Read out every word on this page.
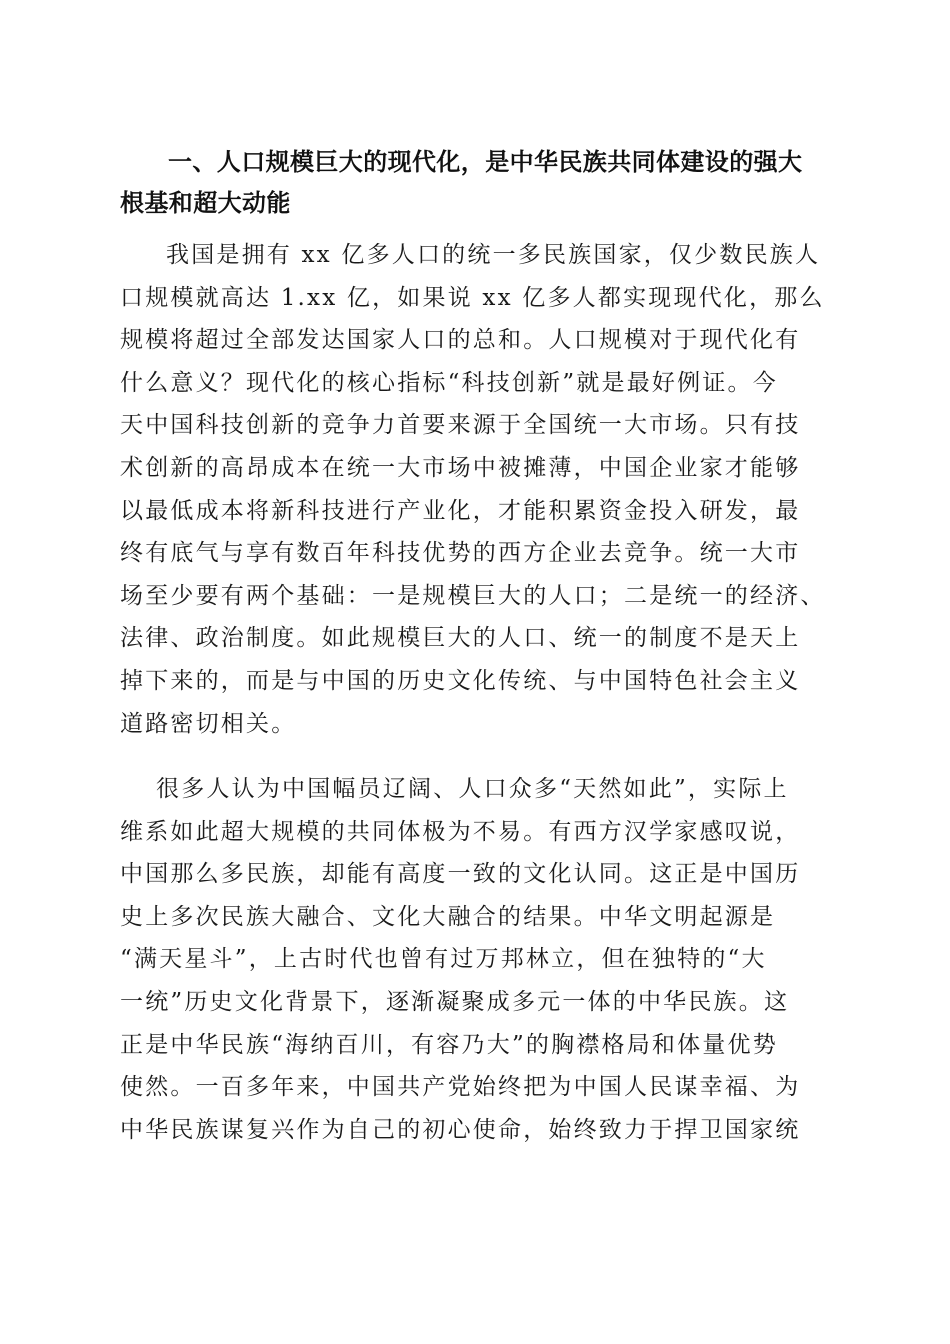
一、人口规模巨大的现代化，是中华民族共同体建设的强大
根基和超大动能

我国是拥有 xx 亿多人口的统一多民族国家，仅少数民族人
口规模就高达 1.xx 亿，如果说 xx 亿多人都实现现代化，那么
规模将超过全部发达国家人口的总和。人口规模对于现代化有
什么意义？现代化的核心指标“科技创新”就是最好例证。今
天中国科技创新的竞争力首要来源于全国统一大市场。只有技
术创新的高昂成本在统一大市场中被摊薄，中国企业家才能够
以最低成本将新科技进行产业化，才能积累资金投入研发，最
终有底气与享有数百年科技优势的西方企业去竞争。统一大市
场至少要有两个基础：一是规模巨大的人口；二是统一的经济、
法律、政治制度。如此规模巨大的人口、统一的制度不是天上
掉下来的，而是与中国的历史文化传统、与中国特色社会主义
道路密切相关。

很多人认为中国幅员辽阔、人口众多“天然如此”，实际上
维系如此超大规模的共同体极为不易。有西方汉学家感叹说，
中国那么多民族，却能有高度一致的文化认同。这正是中国历
史上多次民族大融合、文化大融合的结果。中华文明起源是
“满天星斗”，上古时代也曾有过万邦林立，但在独特的“大
一统”历史文化背景下，逐渐凝聚成多元一体的中华民族。这
正是中华民族“海纳百川，有容乃大”的胸襟格局和体量优势
使然。一百多年来，中国共产党始终把为中国人民谋幸福、为
中华民族谋复兴作为自己的初心使命，始终致力于捍卫国家统
